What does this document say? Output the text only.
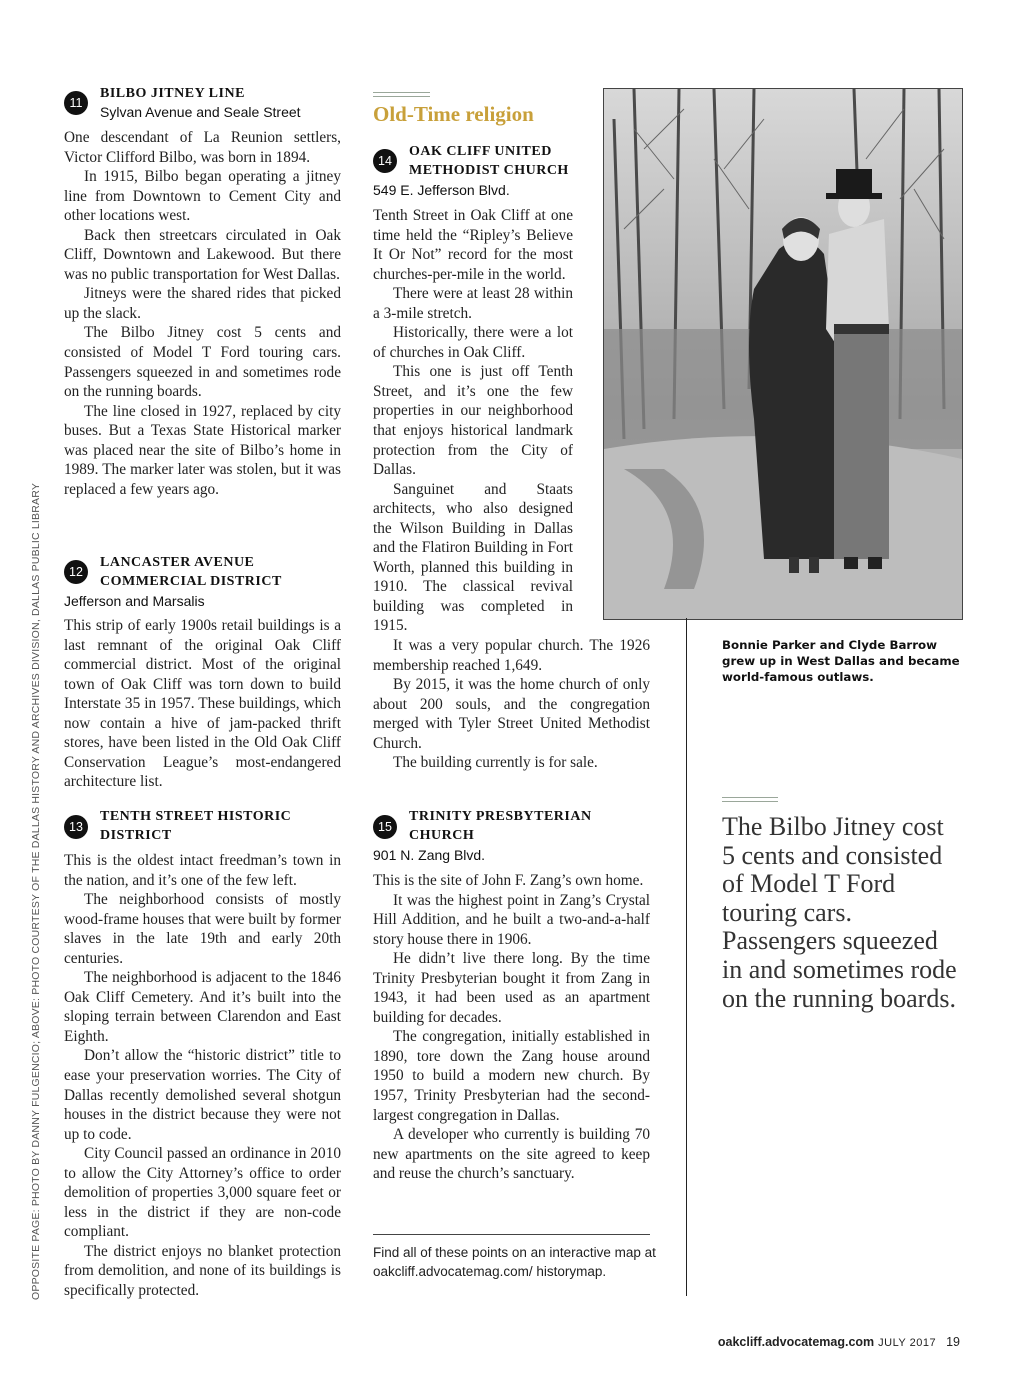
OPPOSITE PAGE: PHOTO BY DANNY FULGENCIO; ABOVE: PHOTO COURTESY OF THE DALLAS HISTORY AND ARCHIVES DIVISION, DALLAS PUBLIC LIBRARY
11
BILBO JITNEY LINE
Sylvan Avenue and Seale Street

One descendant of La Reunion settlers, Victor Clifford Bilbo, was born in 1894.

In 1915, Bilbo began operating a jitney line from Downtown to Cement City and other locations west.

Back then streetcars circulated in Oak Cliff, Downtown and Lakewood. But there was no public transportation for West Dallas.

Jitneys were the shared rides that picked up the slack.

The Bilbo Jitney cost 5 cents and consisted of Model T Ford touring cars. Passengers squeezed in and sometimes rode on the running boards.

The line closed in 1927, replaced by city buses. But a Texas State Historical marker was placed near the site of Bilbo’s home in 1989. The marker later was stolen, but it was replaced a few years ago.

12
LANCASTER AVENUE
COMMERCIAL DISTRICT
Jefferson and Marsalis

This strip of early 1900s retail buildings is a last remnant of the original Oak Cliff commercial district. Most of the original town of Oak Cliff was torn down to build Interstate 35 in 1957. These buildings, which now contain a hive of jam-packed thrift stores, have been listed in the Old Oak Cliff Conservation League’s most-endangered architecture list.

13
TENTH STREET HISTORIC
DISTRICT

This is the oldest intact freedman’s town in the nation, and it’s one of the few left.

The neighborhood consists of mostly wood-frame houses that were built by former slaves in the late 19th and early 20th centuries.

The neighborhood is adjacent to the 1846 Oak Cliff Cemetery. And it’s built into the sloping terrain between Clarendon and East Eighth.

Don’t allow the “historic district” title to ease your preservation worries. The City of Dallas recently demolished several shotgun houses in the district because they were not up to code.

City Council passed an ordinance in 2010 to allow the City Attorney’s office to order demolition of properties 3,000 square feet or less in the district if they are non-code compliant.

The district enjoys no blanket protection from demolition, and none of its buildings is specifically protected.

Old-Time religion
14
OAK CLIFF UNITED
METHODIST CHURCH
549 E. Jefferson Blvd.

Tenth Street in Oak Cliff at one time held the “Ripley’s Believe It Or Not” record for the most churches-per-mile in the world.

There were at least 28 within a 3-mile stretch.

Historically, there were a lot of churches in Oak Cliff.

This one is just off Tenth Street, and it’s one the few properties in our neighborhood that enjoys historical landmark protection from the City of Dallas.

Sanguinet and Staats architects, who also designed the Wilson Building in Dallas and the Flatiron Building in Fort Worth, planned this building in 1910. The classical revival building was completed in 1915.

It was a very popular church. The 1926 membership reached 1,649.

By 2015, it was the home church of only about 200 souls, and the congregation merged with Tyler Street United Methodist Church.

The building currently is for sale.

15
TRINITY PRESBYTERIAN
CHURCH
901 N. Zang Blvd.

This is the site of John F. Zang’s own home.

It was the highest point in Zang’s Crystal Hill Addition, and he built a two-and-a-half story house there in 1906.

He didn’t live there long. By the time Trinity Presbyterian bought it from Zang in 1943, it had been used as an apartment building for decades.

The congregation, initially established in 1890, tore down the Zang house around 1950 to build a modern new church. By 1957, Trinity Presbyterian had the second-largest congregation in Dallas.

A developer who currently is building 70 new apartments on the site agreed to keep and reuse the church’s sanctuary.

Find all of these points on an interactive map at oakcliff.advocatemag.com/ historymap.
Bonnie Parker and Clyde Barrow grew up in West Dallas and became world-famous outlaws.
The Bilbo Jitney cost 5 cents and consisted of Model T Ford touring cars. Passengers squeezed in and sometimes rode on the running boards.
oakcliff.advocatemag.com JULY 2017 19
